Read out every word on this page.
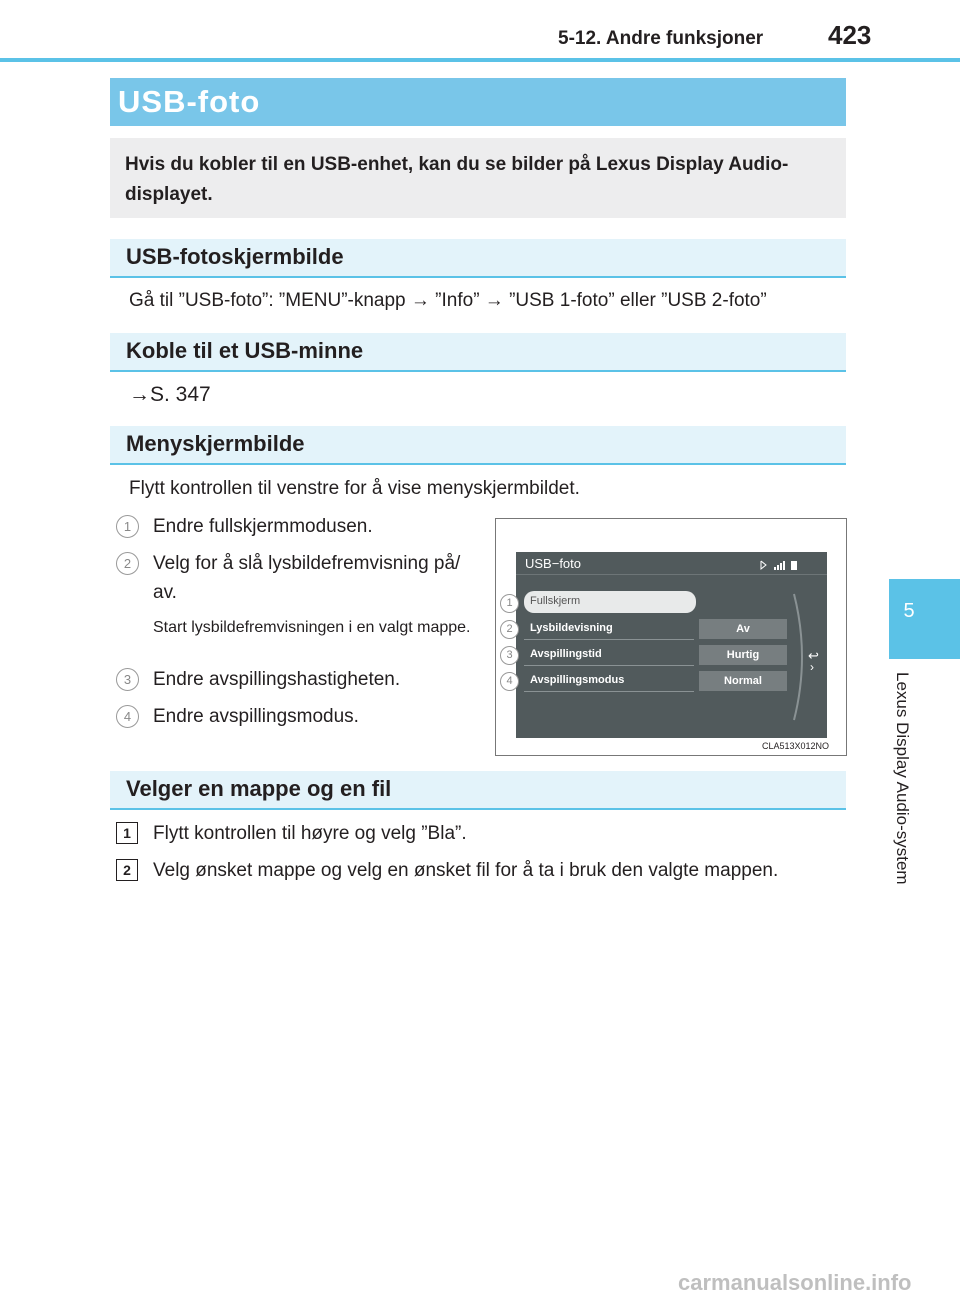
5-12. Andre funksjoner 423
5
Lexus Display Audio-system
USB-foto

Hvis du kobler til en USB-enhet, kan du se bilder på Lexus Display Audio-displayet.

USB-fotoskjermbilde
Gå til ”USB-foto”: ”MENU”-knapp → ”Info” → ”USB 1-foto” eller ”USB 2-foto”
Koble til et USB-minne
→S. 347
Menyskjermbilde
Flytt kontrollen til venstre for å vise menyskjermbildet.
1	Endre fullskjermmodusen.
2	Velg for å slå lysbildefremvisning på/
av.
Start lysbildefremvisningen i en valgt mappe.
3	Endre avspillingshastigheten.
4	Endre avspillingsmodus.
USB−foto
Fullskjerm
Lysbildevisning	Av
Avspillingstid	Hurtig
Avspillingsmodus	Normal
↩
›
1
2
3
4
CLA513X012NO
Velger en mappe og en fil
1	Flytt kontrollen til høyre og velg ”Bla”.
2	Velg ønsket mappe og velg en ønsket fil for å ta i bruk den valgte mappen.
carmanualsonline.info
